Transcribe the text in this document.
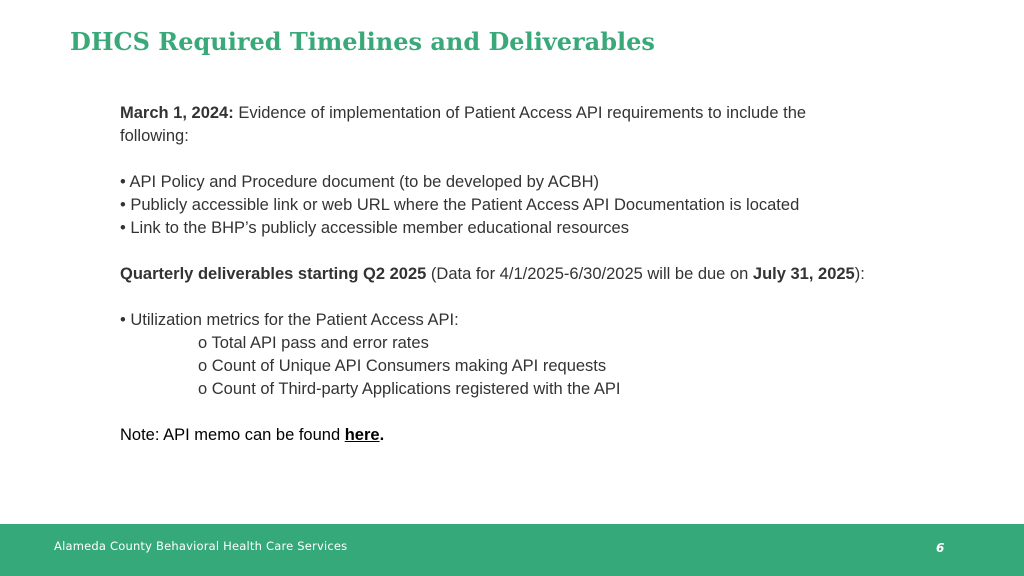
DHCS Required Timelines and Deliverables
March 1, 2024: Evidence of implementation of Patient Access API requirements to include the
following:
• API Policy and Procedure document (to be developed by ACBH)
• Publicly accessible link or web URL where the Patient Access API Documentation is located
• Link to the BHP’s publicly accessible member educational resources
Quarterly deliverables starting Q2 2025 (Data for 4/1/2025-6/30/2025 will be due on July 31, 2025):
• Utilization metrics for the Patient Access API:
o Total API pass and error rates
o Count of Unique API Consumers making API requests
o Count of Third-party Applications registered with the API
Note: API memo can be found here.
Alameda County Behavioral Health Care Services	6
